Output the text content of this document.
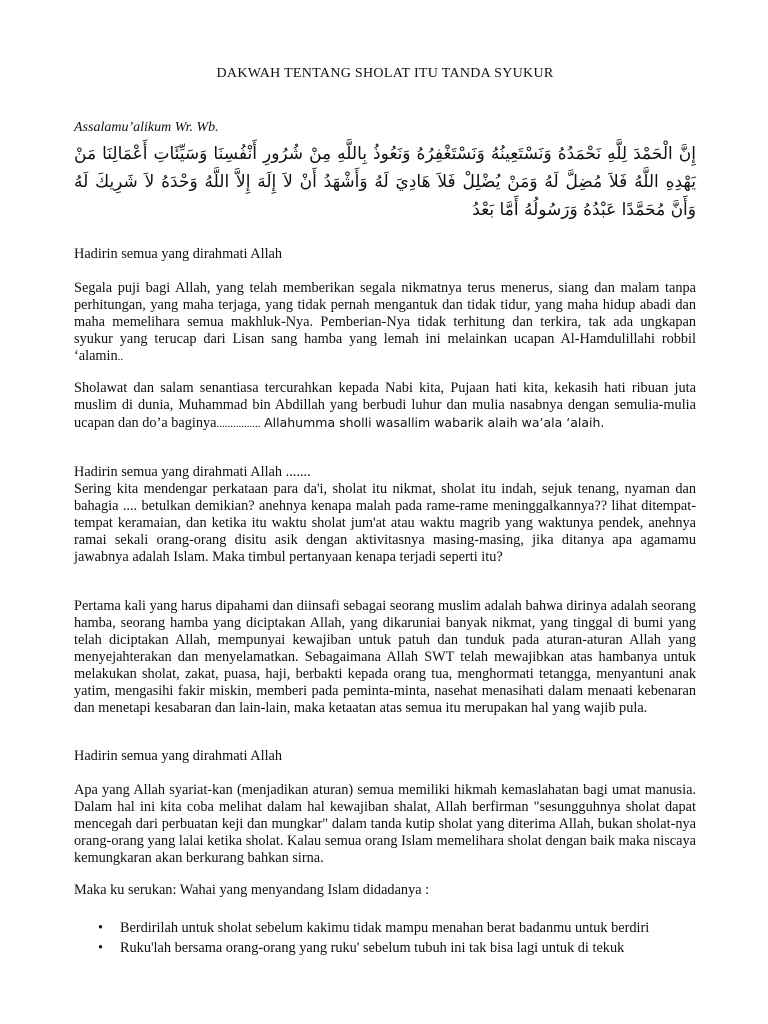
DAKWAH TENTANG SHOLAT ITU TANDA SYUKUR
Assalamu’alikum Wr. Wb.
إِنَّ الْحَمْدَ لِلَّهِ نَحْمَدُهُ وَنَسْتَعِينُهُ وَنَسْتَغْفِرُهُ وَنَعُوذُ بِاللَّهِ مِنْ شُرُورِ أَنْفُسِنَا وَسَيِّئَاتِ أَعْمَالِنَا مَنْ يَهْدِهِ اللَّهُ فَلاَ مُضِلَّ لَهُ وَمَنْ يُضْلِلْ فَلاَ هَادِيَ لَهُ وَأَشْهَدُ أَنْ لاَ إِلَهَ إِلاَّ اللَّهُ وَحْدَهُ لاَ شَرِيكَ لَهُ وَأَنَّ مُحَمَّدًا عَبْدُهُ وَرَسُولُهُ أَمَّا بَعْدُ

Hadirin semua yang dirahmati Allah

Segala puji bagi Allah, yang telah memberikan segala nikmatnya terus menerus, siang dan malam tanpa perhitungan, yang maha terjaga, yang tidak pernah mengantuk dan tidak tidur, yang maha hidup abadi dan maha memelihara semua makhluk-Nya. Pemberian-Nya tidak terhitung dan terkira, tak ada ungkapan syukur yang terucap dari Lisan sang hamba yang lemah ini melainkan ucapan Al-Hamdulillahi robbil ‘alamin..

Sholawat dan salam senantiasa tercurahkan kepada Nabi kita, Pujaan hati kita, kekasih hati ribuan juta muslim di dunia, Muhammad bin Abdillah yang berbudi luhur dan mulia nasabnya dengan semulia-mulia ucapan dan do’a baginya................ Allahumma sholli wasallim wabarik alaih wa’ala ‘alaih.

Hadirin semua yang dirahmati Allah .......

Sering kita mendengar perkataan para da'i, sholat itu nikmat, sholat itu indah, sejuk tenang, nyaman dan bahagia .... betulkan demikian? anehnya kenapa malah pada rame-rame meninggalkannya?? lihat ditempat-tempat keramaian, dan ketika itu waktu sholat jum'at atau waktu magrib yang waktunya pendek, anehnya ramai sekali orang-orang disitu asik dengan aktivitasnya masing-masing, jika ditanya apa agamamu jawabnya adalah Islam. Maka timbul pertanyaan kenapa terjadi seperti itu?

Pertama kali yang harus dipahami dan diinsafi sebagai seorang muslim adalah bahwa dirinya adalah seorang hamba, seorang hamba yang diciptakan Allah, yang dikaruniai banyak nikmat, yang tinggal di bumi yang telah diciptakan Allah, mempunyai kewajiban untuk patuh dan tunduk pada aturan-aturan Allah yang menyejahterakan dan menyelamatkan. Sebagaimana Allah SWT telah mewajibkan atas hambanya untuk melakukan sholat, zakat, puasa, haji, berbakti kepada orang tua, menghormati tetangga, menyantuni anak yatim, mengasihi fakir miskin, memberi pada peminta-minta, nasehat menasihati dalam menaati kebenaran dan menetapi kesabaran dan lain-lain, maka ketaatan atas semua itu merupakan hal yang wajib pula.

Hadirin semua yang dirahmati Allah

Apa yang Allah syariat-kan (menjadikan aturan) semua memiliki hikmah kemaslahatan bagi umat manusia. Dalam hal ini kita coba melihat dalam hal kewajiban shalat, Allah berfirman "sesungguhnya sholat dapat mencegah dari perbuatan keji dan mungkar" dalam tanda kutip sholat yang diterima Allah, bukan sholat-nya orang-orang yang lalai ketika sholat. Kalau semua orang Islam memelihara sholat dengan baik maka niscaya kemungkaran akan berkurang bahkan sirna.

Maka ku serukan: Wahai yang menyandang Islam didadanya :

• Berdirilah untuk sholat sebelum kakimu tidak mampu menahan berat badanmu untuk berdiri
• Ruku'lah bersama orang-orang yang ruku' sebelum tubuh ini tak bisa lagi untuk di tekuk
